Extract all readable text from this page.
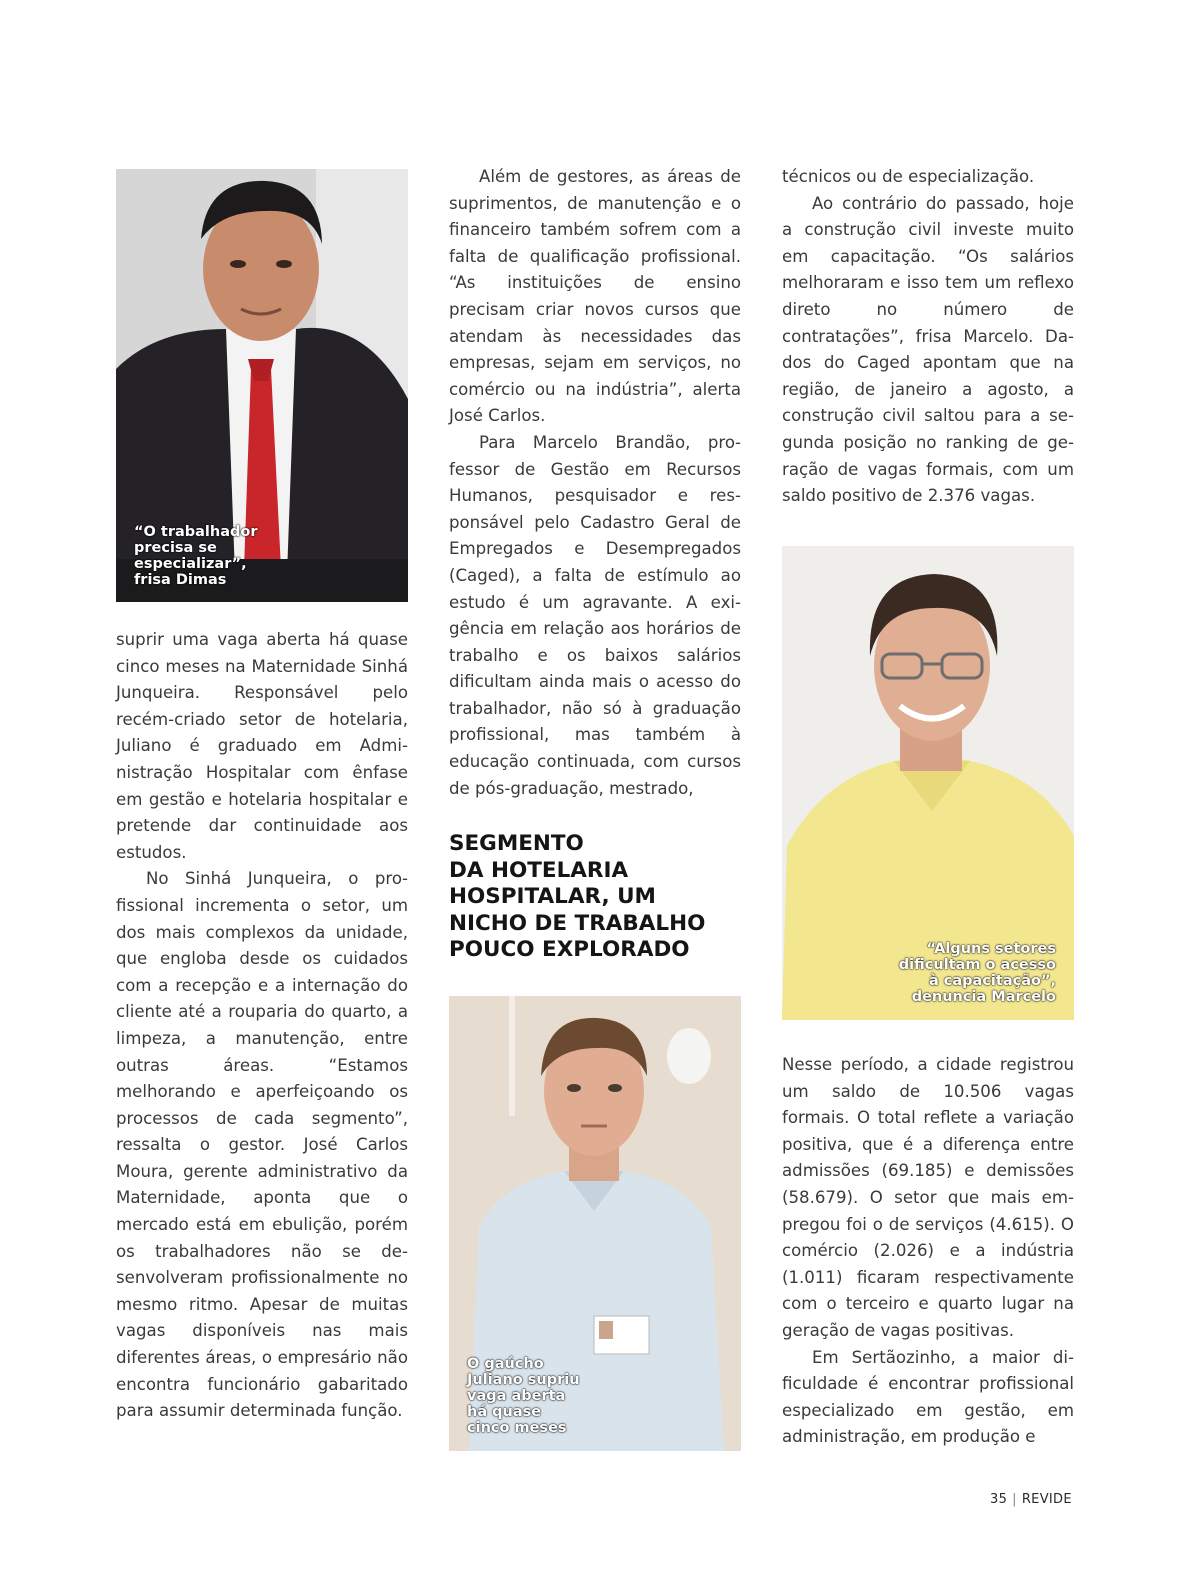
“O trabalhador
precisa se
especializar”,
frisa Dimas

suprir uma vaga aberta há quase cinco meses na Maternidade Sinhá Junqueira. Responsável pelo recém-criado setor de hotelaria, Juliano é graduado em Administração Hospitalar com ênfase em gestão e hotelaria hospitalar e pretende dar continuidade aos estudos.

No Sinhá Junqueira, o profissional incrementa o setor, um dos mais complexos da unidade, que engloba desde os cuidados com a recepção e a internação do cliente até a rouparia do quarto, a limpeza, a manutenção, entre outras áreas. “Estamos melhorando e aperfeiçoando os processos de cada segmento”, ressalta o gestor. José Carlos Moura, gerente administrativo da Maternidade, aponta que o mercado está em ebulição, porém os trabalhadores não se desenvolveram profissionalmente no mesmo ritmo. Apesar de muitas vagas disponíveis nas mais diferentes áreas, o empresário não encontra funcionário gabaritado para assumir determinada função.

Além de gestores, as áreas de suprimentos, de manutenção e o financeiro também sofrem com a falta de qualificação profissional. “As instituições de ensino precisam criar novos cursos que atendam às necessidades das empresas, sejam em serviços, no comércio ou na indústria”, alerta José Carlos.

Para Marcelo Brandão, professor de Gestão em Recursos Humanos, pesquisador e responsável pelo Cadastro Geral de Empregados e Desempregados (Caged), a falta de estímulo ao estudo é um agravante. A exigência em relação aos horários de trabalho e os baixos salários dificultam ainda mais o acesso do trabalhador, não só à graduação profissional, mas também à educação continuada, com cursos de pós-graduação, mestrado,

SEGMENTO
DA HOTELARIA
HOSPITALAR, UM
NICHO DE TRABALHO
POUCO EXPLORADO
O gaúcho
Juliano supriu
vaga aberta
há quase
cinco meses

técnicos ou de especialização.

Ao contrário do passado, hoje a construção civil investe muito em capacitação. “Os salários melhoraram e isso tem um reflexo direto no número de contratações”, frisa Marcelo. Dados do Caged apontam que na região, de janeiro a agosto, a construção civil saltou para a segunda posição no ranking de geração de vagas formais, com um saldo positivo de 2.376 vagas.

“Alguns setores
dificultam o acesso
à capacitação”,
denuncia Marcelo

Nesse período, a cidade registrou um saldo de 10.506 vagas formais. O total reflete a variação positiva, que é a diferença entre admissões (69.185) e demissões (58.679). O setor que mais empregou foi o de serviços (4.615). O comércio (2.026) e a indústria (1.011) ficaram respectivamente com o terceiro e quarto lugar na geração de vagas positivas.

Em Sertãozinho, a maior dificuldade é encontrar profissional especializado em gestão, em administração, em produção e

35 | REVIDE
